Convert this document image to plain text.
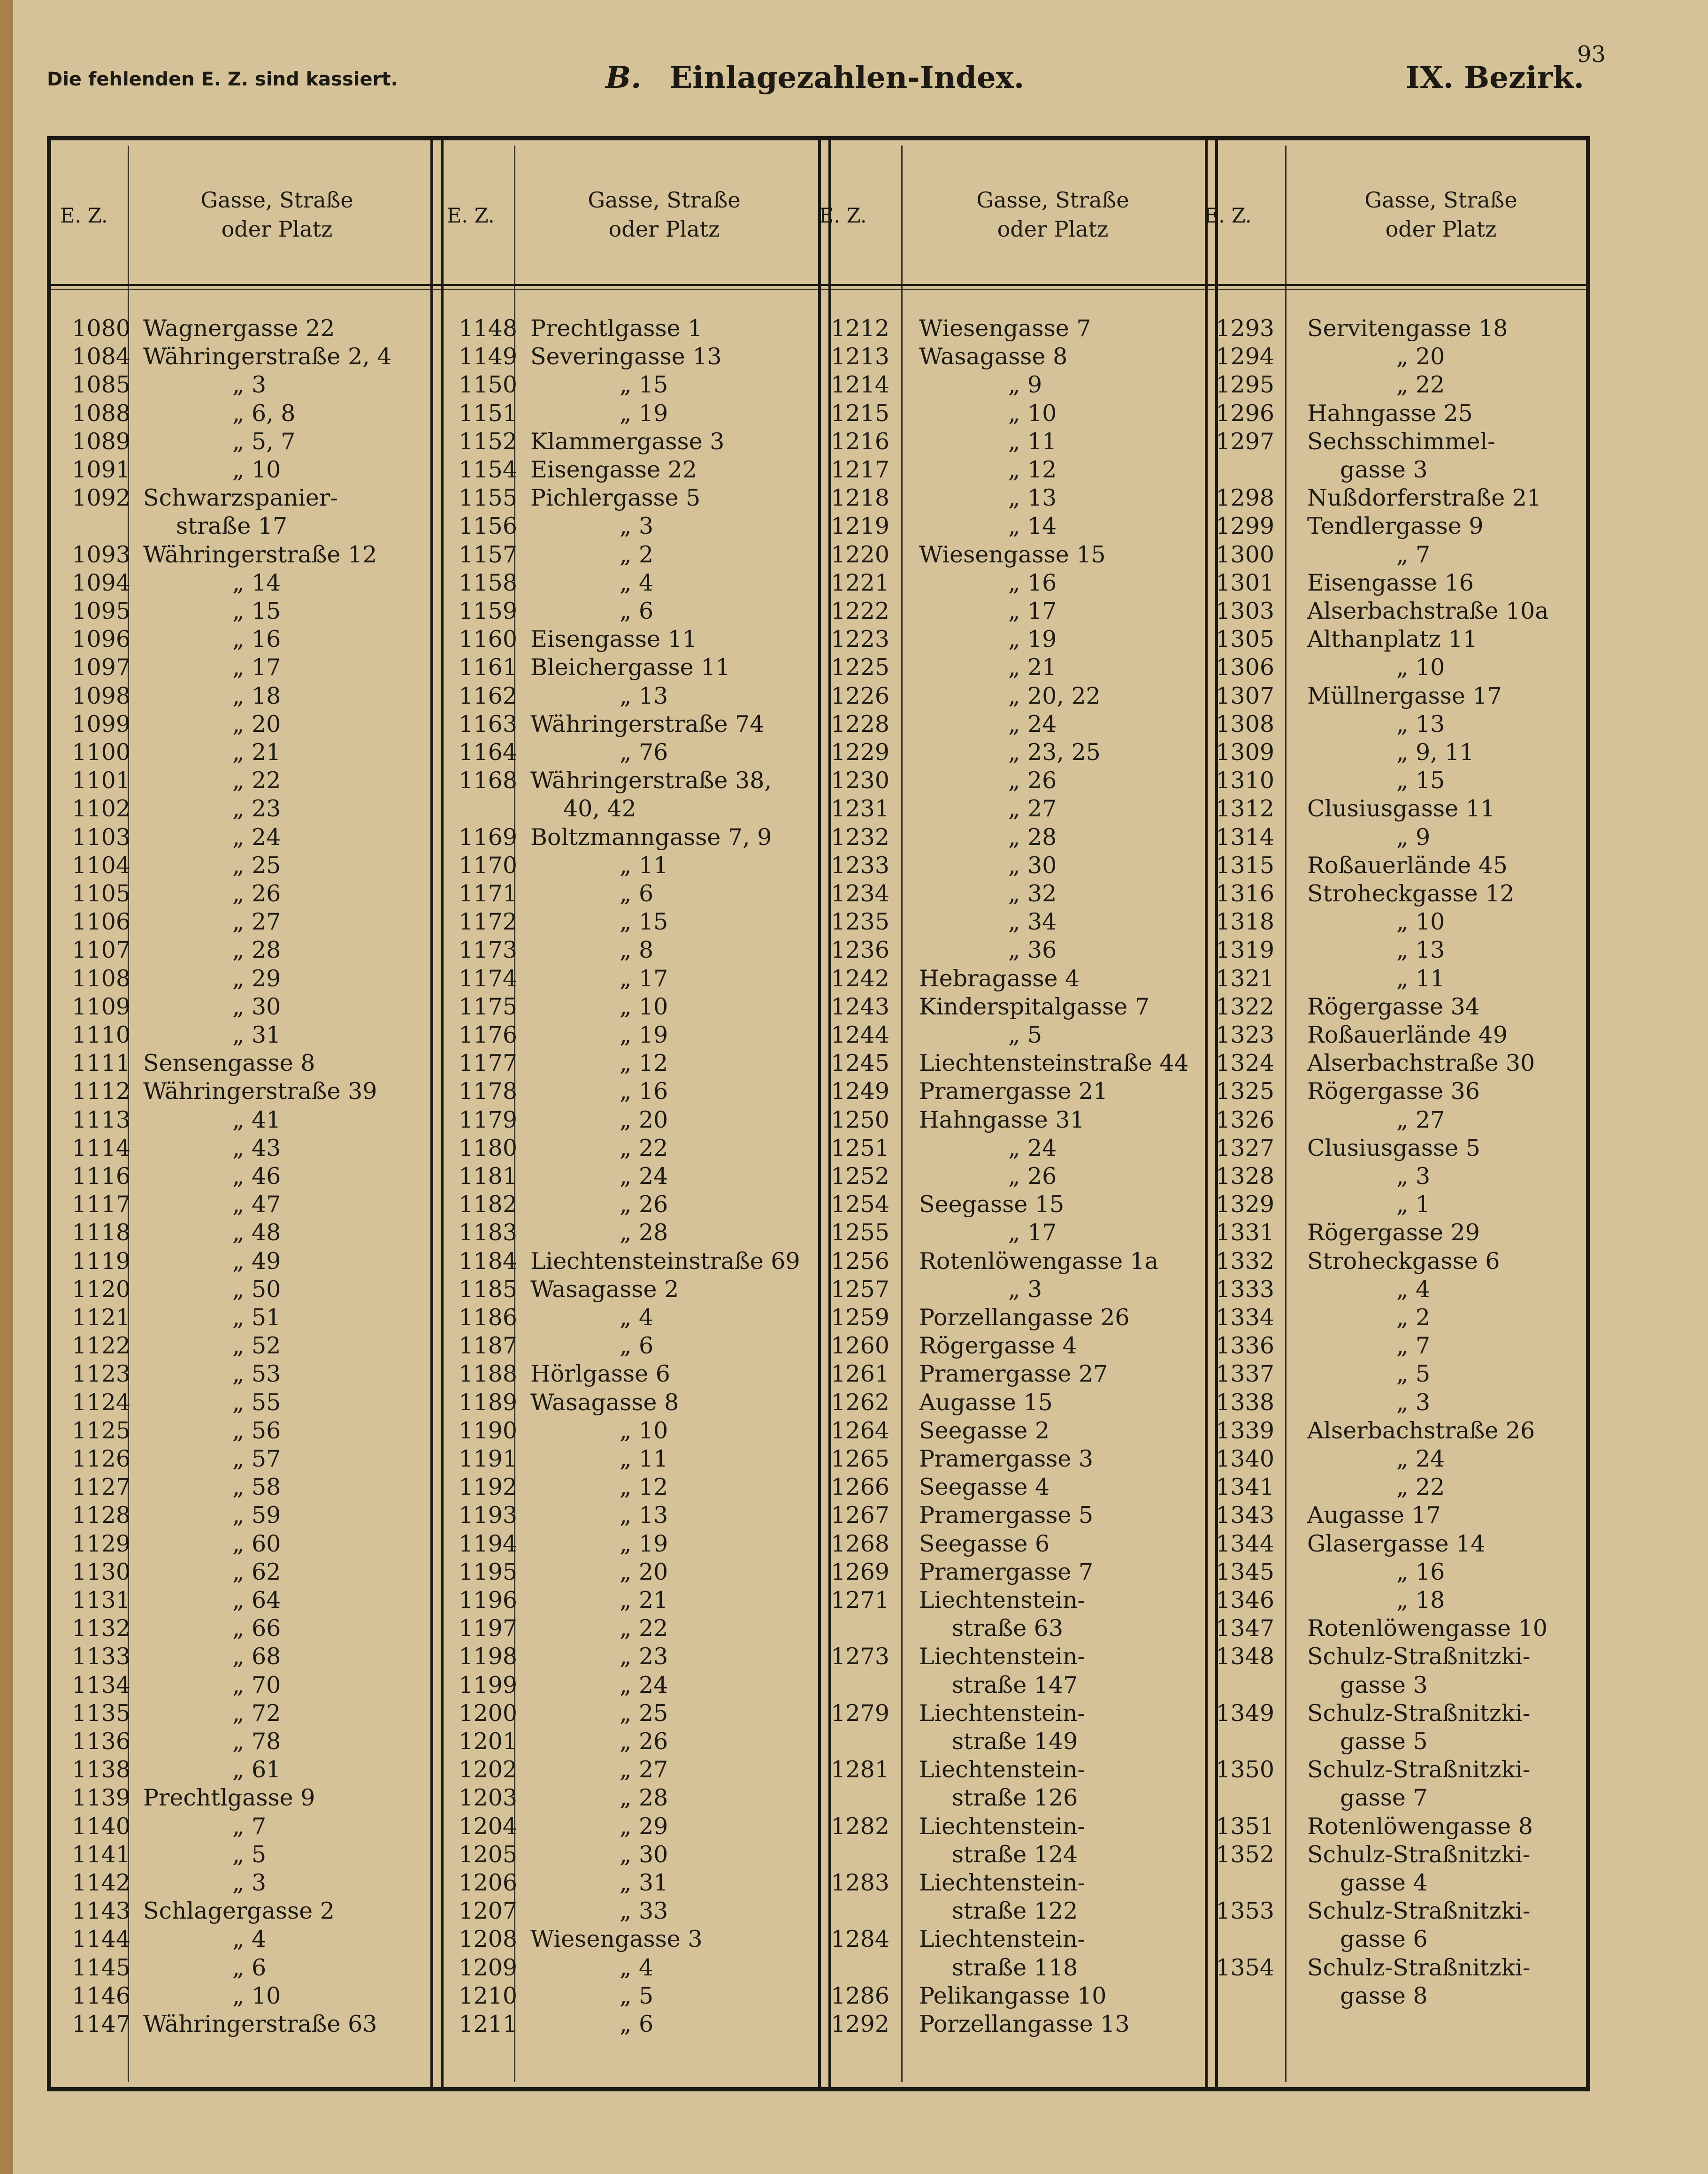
93
Die fehlenden E. Z. sind kassiert.	B. Einlagezahlen-Index.	IX. Bezirk.
E. Z.
Gasse, Straße
oder Platz
E. Z.
Gasse, Straße
oder Platz
E. Z.
Gasse, Straße
oder Platz
E. Z.
Gasse, Straße
oder Platz
1080 Wagnergasse 22
1084 Währingerstraße 2, 4
1085	„ 3
1088	„ 6, 8
1089	„ 5, 7
1091	„ 10
1092 Schwarzspanier-
straße 17
1093 Währingerstraße 12
1094	„ 14
1095	„ 15
1096	„ 16
1097	„ 17
1098	„ 18
1099	„ 20
1100	„ 21
1101	„ 22
1102	„ 23
1103	„ 24
1104	„ 25
1105	„ 26
1106	„ 27
1107	„ 28
1108	„ 29
1109	„ 30
1110	„ 31
1111 Sensengasse 8
1112 Währingerstraße 39
1113	„ 41
1114	„ 43
1116	„ 46
1117	„ 47
1118	„ 48
1119	„ 49
1120	„ 50
1121	„ 51
1122	„ 52
1123	„ 53
1124	„ 55
1125	„ 56
1126	„ 57
1127	„ 58
1128	„ 59
1129	„ 60
1130	„ 62
1131	„ 64
1132	„ 66
1133	„ 68
1134	„ 70
1135	„ 72
1136	„ 78
1138	„ 61
1139 Prechtlgasse 9
1140	„ 7
1141	„ 5
1142	„ 3
1143 Schlagergasse 2
1144	„ 4
1145	„ 6
1146	„ 10
1147 Währingerstraße 63
1148 Prechtlgasse 1
1149 Severingasse 13
1150	„ 15
1151	„ 19
1152 Klammergasse 3
1154 Eisengasse 22
1155 Pichlergasse 5
1156	„ 3
1157	„ 2
1158	„ 4
1159	„ 6
1160 Eisengasse 11
1161 Bleichergasse 11
1162	„ 13
1163 Währingerstraße 74
1164	„ 76
1168 Währingerstraße 38,
40, 42
1169 Boltzmanngasse 7, 9
1170	„ 11
1171	„ 6
1172	„ 15
1173	„ 8
1174	„ 17
1175	„ 10
1176	„ 19
1177	„ 12
1178	„ 16
1179	„ 20
1180	„ 22
1181	„ 24
1182	„ 26
1183	„ 28
1184 Liechtensteinstraße 69
1185 Wasagasse 2
1186	„ 4
1187	„ 6
1188 Hörlgasse 6
1189 Wasagasse 8
1190	„ 10
1191	„ 11
1192	„ 12
1193	„ 13
1194	„ 19
1195	„ 20
1196	„ 21
1197	„ 22
1198	„ 23
1199	„ 24
1200	„ 25
1201	„ 26
1202	„ 27
1203	„ 28
1204	„ 29
1205	„ 30
1206	„ 31
1207	„ 33
1208 Wiesengasse 3
1209	„ 4
1210	„ 5
1211	„ 6
1212 Wiesengasse 7
1213 Wasagasse 8
1214	„ 9
1215	„ 10
1216	„ 11
1217	„ 12
1218	„ 13
1219	„ 14
1220 Wiesengasse 15
1221	„ 16
1222	„ 17
1223	„ 19
1225	„ 21
1226	„ 20, 22
1228	„ 24
1229	„ 23, 25
1230	„ 26
1231	„ 27
1232	„ 28
1233	„ 30
1234	„ 32
1235	„ 34
1236	„ 36
1242 Hebragasse 4
1243 Kinderspitalgasse 7
1244	„ 5
1245 Liechtensteinstraße 44
1249 Pramergasse 21
1250 Hahngasse 31
1251	„ 24
1252	„ 26
1254 Seegasse 15
1255	„ 17
1256 Rotenlöwengasse 1a
1257	„ 3
1259 Porzellangasse 26
1260 Rögergasse 4
1261 Pramergasse 27
1262 Augasse 15
1264 Seegasse 2
1265 Pramergasse 3
1266 Seegasse 4
1267 Pramergasse 5
1268 Seegasse 6
1269 Pramergasse 7
1271 Liechtenstein-
straße 63
1273 Liechtenstein-
straße 147
1279 Liechtenstein-
straße 149
1281 Liechtenstein-
straße 126
1282 Liechtenstein-
straße 124
1283 Liechtenstein-
straße 122
1284 Liechtenstein-
straße 118
1286 Pelikangasse 10
1292 Porzellangasse 13
1293 Servitengasse 18
1294	„ 20
1295	„ 22
1296 Hahngasse 25
1297 Sechsschimmel-
gasse 3
1298 Nußdorferstraße 21
1299 Tendlergasse 9
1300	„ 7
1301 Eisengasse 16
1303 Alserbachstraße 10a
1305 Althanplatz 11
1306	„ 10
1307 Müllnergasse 17
1308	„ 13
1309	„ 9, 11
1310	„ 15
1312 Clusiusgasse 11
1314	„ 9
1315 Roßauerlände 45
1316 Stroheckgasse 12
1318	„ 10
1319	„ 13
1321	„ 11
1322 Rögergasse 34
1323 Roßauerlände 49
1324 Alserbachstraße 30
1325 Rögergasse 36
1326	„ 27
1327 Clusiusgasse 5
1328	„ 3
1329	„ 1
1331 Rögergasse 29
1332 Stroheckgasse 6
1333	„ 4
1334	„ 2
1336	„ 7
1337	„ 5
1338	„ 3
1339 Alserbachstraße 26
1340	„ 24
1341	„ 22
1343 Augasse 17
1344 Glasergasse 14
1345	„ 16
1346	„ 18
1347 Rotenlöwengasse 10
1348 Schulz-Straßnitzki-
gasse 3
1349 Schulz-Straßnitzki-
gasse 5
1350 Schulz-Straßnitzki-
gasse 7
1351 Rotenlöwengasse 8
1352 Schulz-Straßnitzki-
gasse 4
1353 Schulz-Straßnitzki-
gasse 6
1354 Schulz-Straßnitzki-
gasse 8
